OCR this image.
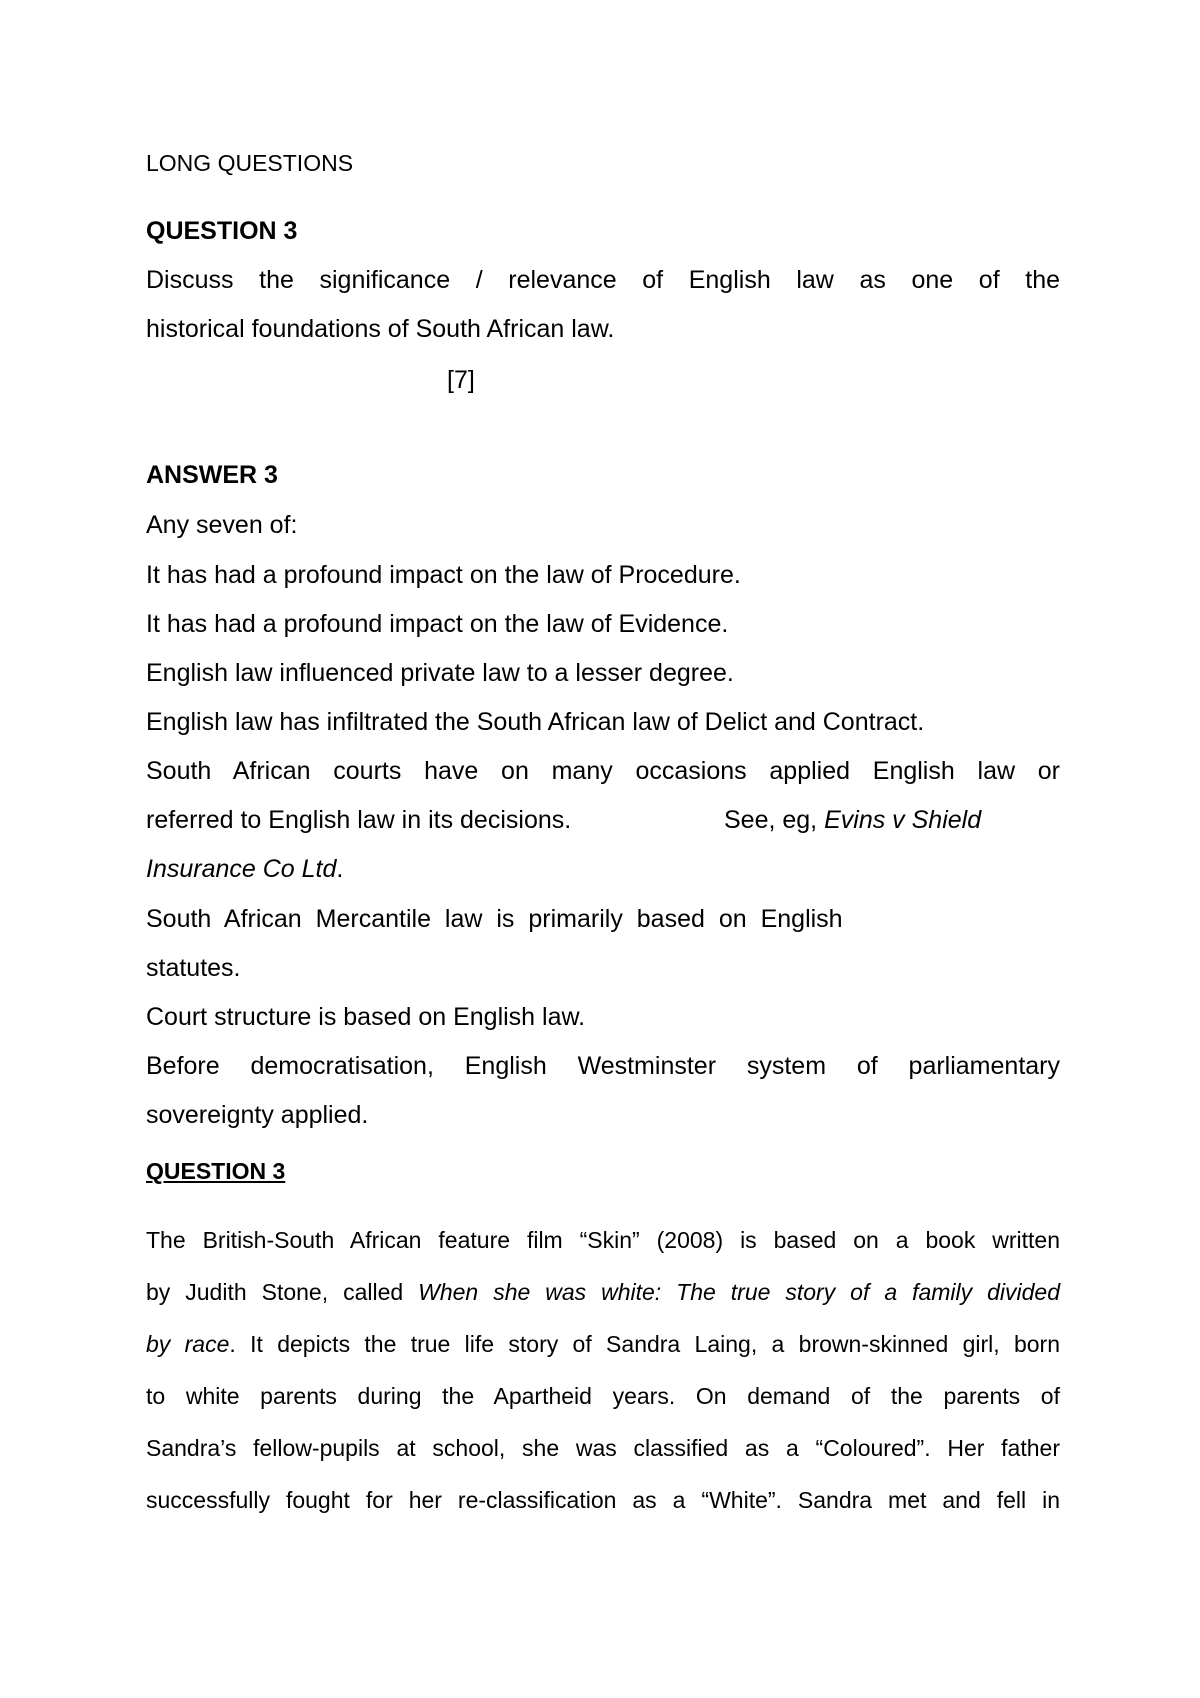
LONG QUESTIONS

QUESTION 3

Discuss the significance / relevance of English law as one of the

historical foundations of South African law.

[7]

ANSWER 3

Any seven of:

It has had a profound impact on the law of Procedure.

It has had a profound impact on the law of Evidence.

English law influenced private law to a lesser degree.

English law has infiltrated the South African law of Delict and Contract.

South African courts have on many occasions applied English law or

referred to English law in its decisions.	See, eg, Evins v Shield

Insurance Co Ltd.

South African Mercantile law is primarily based on English

statutes.

Court structure is based on English law.

Before democratisation, English Westminster system of parliamentary

sovereignty applied.

QUESTION 3

The British-South African feature film “Skin” (2008) is based on a book written

by Judith Stone, called When she was white: The true story of a family divided

by race. It depicts the true life story of Sandra Laing, a brown-skinned girl, born

to white parents during the Apartheid years. On demand of the parents of

Sandra’s fellow-pupils at school, she was classified as a “Coloured”. Her father

successfully fought for her re-classification as a “White”. Sandra met and fell in
